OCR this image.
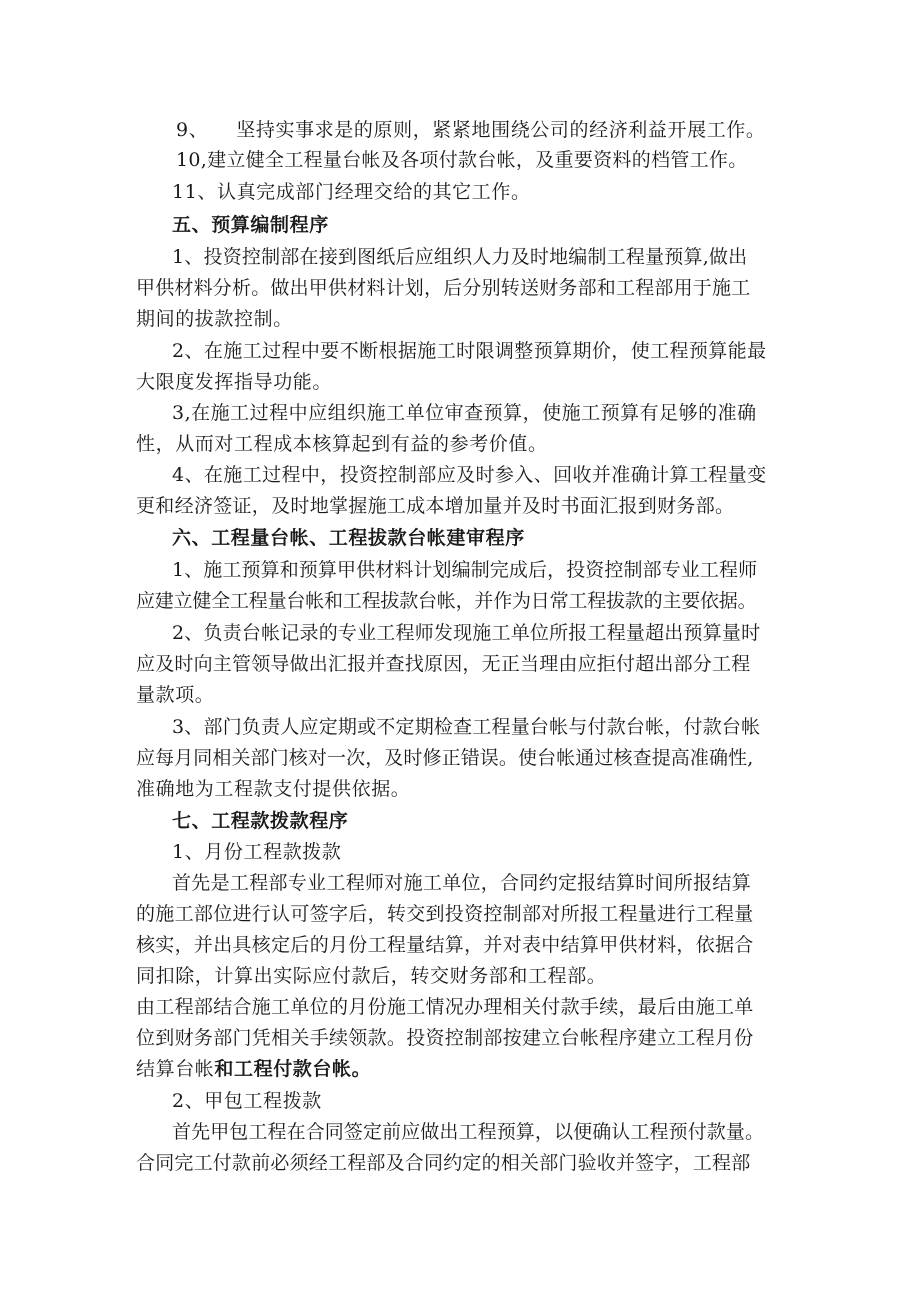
9、 坚持实事求是的原则，紧紧地围绕公司的经济利益开展工作。
10,建立健全工程量台帐及各项付款台帐，及重要资料的档管工作。
11、认真完成部门经理交给的其它工作。
五、预算编制程序
1、投资控制部在接到图纸后应组织人力及时地编制工程量预算,做出
甲供材料分析。做出甲供材料计划，后分别转送财务部和工程部用于施工
期间的拔款控制。
2、在施工过程中要不断根据施工时限调整预算期价，使工程预算能最
大限度发挥指导功能。
3,在施工过程中应组织施工单位审查预算，使施工预算有足够的准确
性，从而对工程成本核算起到有益的参考价值。
4、在施工过程中，投资控制部应及时参入、回收并准确计算工程量变
更和经济签证，及时地掌握施工成本增加量并及时书面汇报到财务部。
六、工程量台帐、工程拔款台帐建审程序
1、施工预算和预算甲供材料计划编制完成后，投资控制部专业工程师
应建立健全工程量台帐和工程拔款台帐，并作为日常工程拔款的主要依据。
2、负责台帐记录的专业工程师发现施工单位所报工程量超出预算量时
应及时向主管领导做出汇报并查找原因，无正当理由应拒付超出部分工程
量款项。
3、部门负责人应定期或不定期检查工程量台帐与付款台帐，付款台帐
应每月同相关部门核对一次，及时修正错误。使台帐通过核查提高准确性,
准确地为工程款支付提供依据。
七、工程款拨款程序
1、月份工程款拨款
首先是工程部专业工程师对施工单位，合同约定报结算时间所报结算
的施工部位进行认可签字后，转交到投资控制部对所报工程量进行工程量
核实，并出具核定后的月份工程量结算，并对表中结算甲供材料，依据合
同扣除，计算出实际应付款后，转交财务部和工程部。
由工程部结合施工单位的月份施工情况办理相关付款手续，最后由施工单
位到财务部门凭相关手续领款。投资控制部按建立台帐程序建立工程月份
结算台帐和工程付款台帐。
2、甲包工程拨款
首先甲包工程在合同签定前应做出工程预算，以便确认工程预付款量。
合同完工付款前必须经工程部及合同约定的相关部门验收并签字，工程部
